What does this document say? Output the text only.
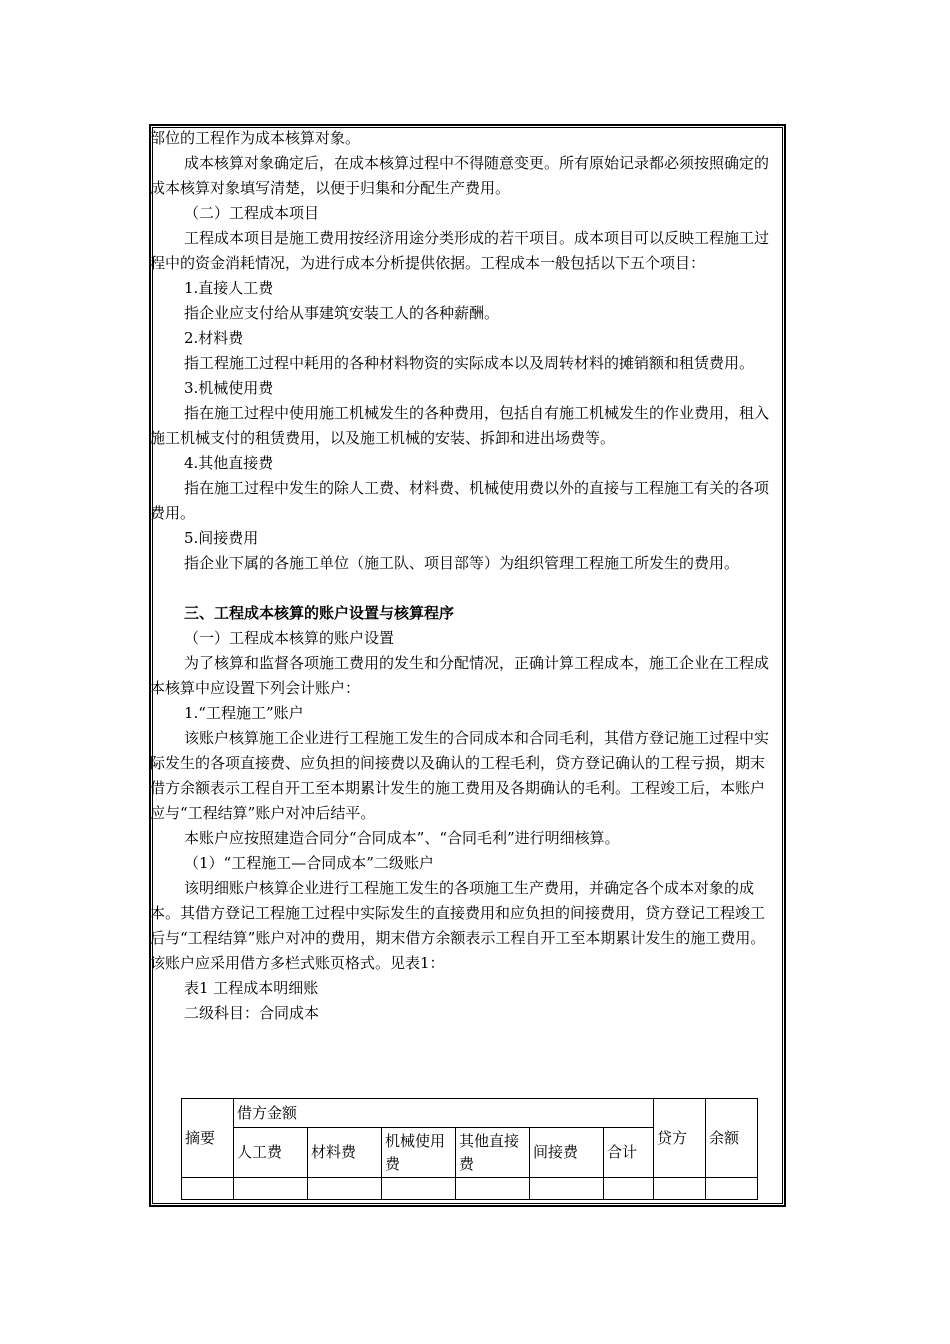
部位的工程作为成本核算对象。

成本核算对象确定后，在成本核算过程中不得随意变更。所有原始记录都必须按照确定的成本核算对象填写清楚，以便于归集和分配生产费用。

（二）工程成本项目

工程成本项目是施工费用按经济用途分类形成的若干项目。成本项目可以反映工程施工过程中的资金消耗情况，为进行成本分析提供依据。工程成本一般包括以下五个项目：

1.直接人工费

指企业应支付给从事建筑安装工人的各种薪酬。

2.材料费

指工程施工过程中耗用的各种材料物资的实际成本以及周转材料的摊销额和租赁费用。

3.机械使用费

指在施工过程中使用施工机械发生的各种费用，包括自有施工机械发生的作业费用，租入施工机械支付的租赁费用，以及施工机械的安装、拆卸和进出场费等。

4.其他直接费

指在施工过程中发生的除人工费、材料费、机械使用费以外的直接与工程施工有关的各项费用。

5.间接费用

指企业下属的各施工单位（施工队、项目部等）为组织管理工程施工所发生的费用。

三、工程成本核算的账户设置与核算程序

（一）工程成本核算的账户设置

为了核算和监督各项施工费用的发生和分配情况，正确计算工程成本，施工企业在工程成本核算中应设置下列会计账户：

1.“工程施工”账户

该账户核算施工企业进行工程施工发生的合同成本和合同毛利，其借方登记施工过程中实际发生的各项直接费、应负担的间接费以及确认的工程毛利，贷方登记确认的工程亏损，期末借方余额表示工程自开工至本期累计发生的施工费用及各期确认的毛利。工程竣工后，本账户应与“工程结算”账户对冲后结平。

本账户应按照建造合同分“合同成本”、“合同毛利”进行明细核算。

（1）“工程施工—合同成本”二级账户

该明细账户核算企业进行工程施工发生的各项施工生产费用，并确定各个成本对象的成本。其借方登记工程施工过程中实际发生的直接费用和应负担的间接费用，贷方登记工程竣工后与“工程结算”账户对冲的费用，期末借方余额表示工程自开工至本期累计发生的施工费用。该账户应采用借方多栏式账页格式。见表1：

表1 工程成本明细账

二级科目：合同成本

摘要	借方金额						贷方	余额
	人工费	材料费	机械使用费	其他直接费	间接费	合计		
